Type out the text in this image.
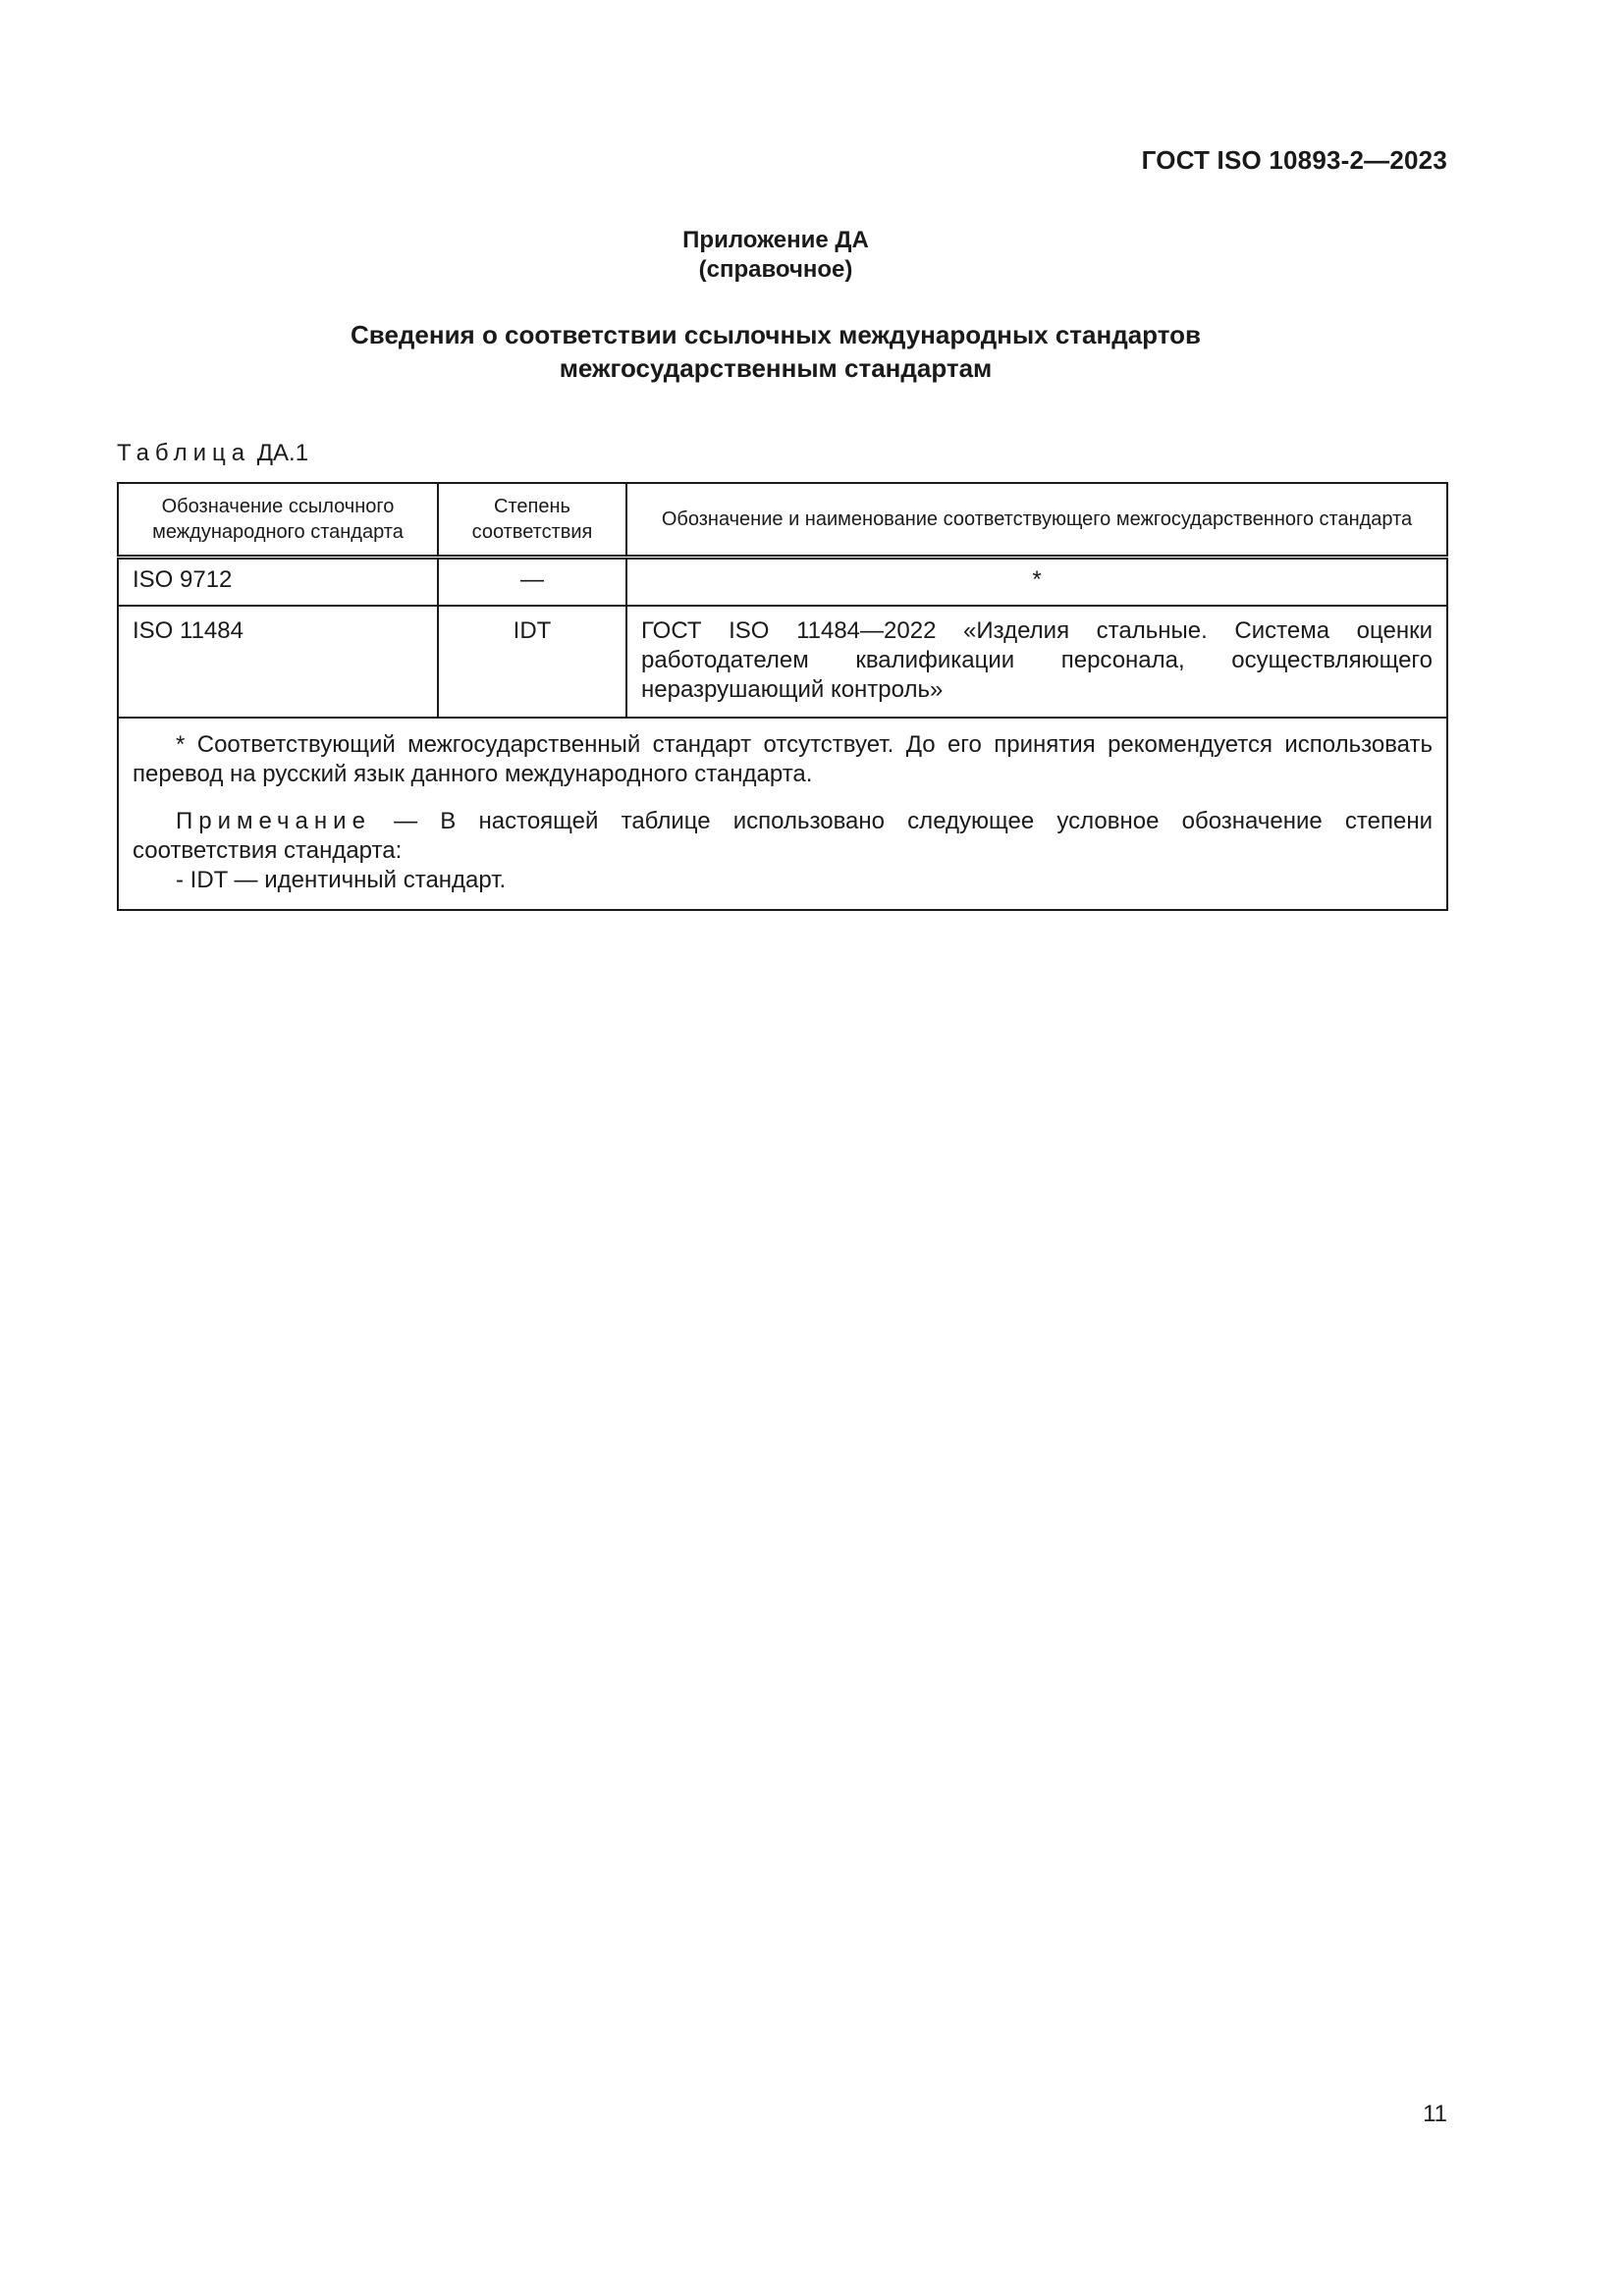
ГОСТ ISO 10893-2—2023
Приложение ДА
(справочное)
Сведения о соответствии ссылочных международных стандартов
межгосударственным стандартам
Таблица ДА.1
Обозначение ссылочного международного стандарта	Степень соответствия	Обозначение и наименование соответствующего межгосударственного стандарта
ISO 9712	—	*
ISO 11484	IDT	ГОСТ ISO 11484—2022 «Изделия стальные. Система оценки работодателем квалификации персонала, осуществляющего неразрушающий контроль»

* Соответствующий межгосударственный стандарт отсутствует. До его принятия рекомендуется использовать перевод на русский язык данного международного стандарта.

Примечание — В настоящей таблице использовано следующее условное обозначение степени соответствия стандарта:

- IDT — идентичный стандарт.		

11
